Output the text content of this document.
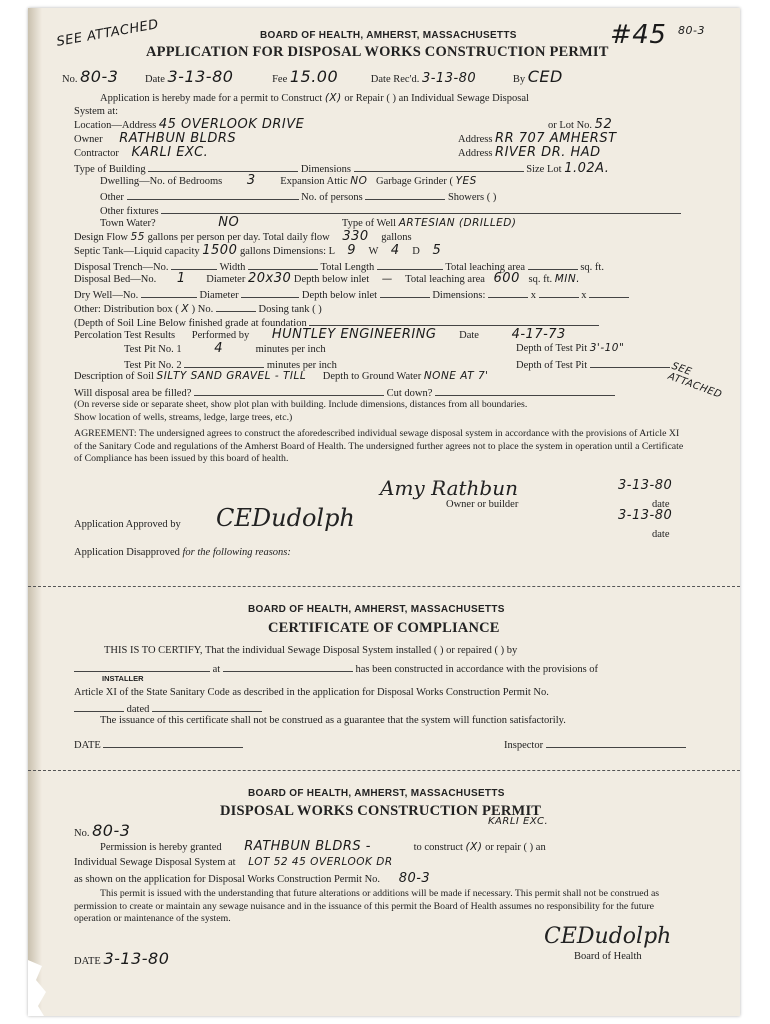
SEE ATTACHED	#45 80-3
SEE ATTACHED
BOARD OF HEALTH, AMHERST, MASSACHUSETTS
APPLICATION FOR DISPOSAL WORKS CONSTRUCTION PERMIT
No. 80-3	Date 3-13-80	Fee 15.00	Date Rec'd. 3-13-80	By CED
Application is hereby made for a permit to Construct (X) or Repair ( ) an Individual Sewage Disposal
System at:
Location—Address 45 OVERLOOK DRIVE	or Lot No. 52
Owner RATHBUN BLDRS	Address RR 707 AMHERST
Contractor KARLI EXC.	Address RIVER DR. HAD
Type of Building	Dimensions	Size Lot 1.02A.
Dwelling—No. of Bedrooms 3 Expansion Attic NO Garbage Grinder ( YES
Other	No. of persons	Showers ( )
Other fixtures
Town Water?	NO	Type of Well ARTESIAN (DRILLED)
Design Flow 55 gallons per person per day. Total daily flow 330 gallons
Septic Tank—Liquid capacity 1500 gallons Dimensions: L 9 W 4 D 5
Disposal Trench—No.	Width	Total Length	Total leaching area	sq. ft.
Disposal Bed—No. 1 Diameter 20x30 Depth below inlet — Total leaching area 600 sq. ft. MIN.
Dry Well—No.	Diameter	Depth below inlet	Dimensions:	x	x
Other: Distribution box ( X ) No.	Dosing tank ( )
(Depth of Soil Line Below finished grade at foundation
Percolation Test Results Performed by HUNTLEY ENGINEERING Date	4-17-73
Test Pit No. 1	4	minutes per inch	Depth of Test Pit 3'-10"
Test Pit No. 2	minutes per inch	Depth of Test Pit
Description of Soil SILTY SAND GRAVEL - TILL Depth to Ground Water NONE AT 7'
Will disposal area be filled?	Cut down?
(On reverse side or separate sheet, show plot plan with building. Include dimensions, distances from all boundaries.
Show location of wells, streams, ledge, large trees, etc.)
AGREEMENT: The undersigned agrees to construct the aforedescribed individual sewage disposal system in accordance with the provisions of Article XI of the Sanitary Code and regulations of the Amherst Board of Health. The undersigned further agrees not to place the system in operation until a Certificate of Compliance has been issued by this board of health.
Amy Rathbun	3-13-80
Owner or builder	date
Application Approved by CEDudolph	3-13-80
date
Application Disapproved for the following reasons:
BOARD OF HEALTH, AMHERST, MASSACHUSETTS
CERTIFICATE OF COMPLIANCE
THIS IS TO CERTIFY, That the individual Sewage Disposal System installed ( ) or repaired ( ) by
at	has been constructed in accordance with the provisions of
INSTALLER
Article XI of the State Sanitary Code as described in the application for Disposal Works Construction Permit No.
dated
The issuance of this certificate shall not be construed as a guarantee that the system will function satisfactorily.
DATE	Inspector
BOARD OF HEALTH, AMHERST, MASSACHUSETTS
DISPOSAL WORKS CONSTRUCTION PERMIT
No. 80-3	KARLI EXC.
Permission is hereby granted RATHBUN BLDRS -	to construct (X) or repair ( ) an
Individual Sewage Disposal System at LOT 52 45 OVERLOOK DR
as shown on the application for Disposal Works Construction Permit No. 80-3
This permit is issued with the understanding that future alterations or additions will be made if necessary. This permit shall not be construed as permission to create or maintain any sewage nuisance and in the issuance of this permit the Board of Health assumes no responsibility for the future operation or maintenance of the system.
CEDudolph
DATE 3-13-80	Board of Health
